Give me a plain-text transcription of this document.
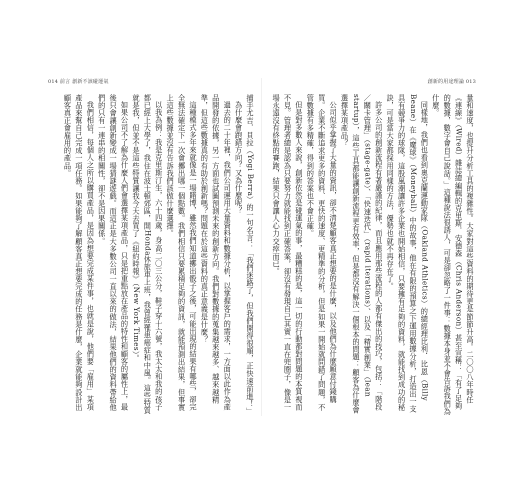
014 前言 創新不該碰運氣

捕手尤吉．貝拉（Yogi Berra）的一句名言：「我們迷路了，但我們開得很順，正快速前進！」

為什麼會跑錯方向？又為什麼呢？

過去的二十年裡，我們公司運用大量資料和數據分析，以掌握客戶的需求，一方面以此作為產品開發的依據，另一方面也試圖預測未來的創新方向。我們對數據的蒐集越來越多、越來越精準，但這些數據真的有助於創新嗎？問題在於這些資料的真正意義是什麼？

這種模式多年來就像是一場賭博，雖然我們知道擲出骰子之後，可能出現的結果有哪些，卻完全無法確定下一次會擲出哪一個點數。我們相信只要累積足夠的資訊，就能預測出結果，但事實上這些數據並沒有告訴我們該做什麼選擇。

以我為例：我是克里斯汀生，六十四歲，身高二〇三公分，鞋子穿十六號，我太太和我的孩子都已經上大學了，我住在波士頓郊區，開Honda休旅車上班，我曾經罹患癌症和中風。這些特質就是我，但並不是這些特質讓我今天去買了《紐約時報》（New York Times）。

如果公司不了解為什麼人們會選擇某項產品，只是把重點放在產品的特性和顧客的屬性上，最後只會讓創新變成一場猜謎遊戲。而這正是大多數公司一直以來的做法，結果他們的資料帶給他們的只有一連串的相關性，卻不是因果關係。

我們相信，每個人之所以購買產品，是因為想要完成某件事，也就是說，他們要「雇用」某項產品來幫自己完成一項任務。如果能夠了解顧客真正想要完成的任務是什麼，企業就能夠設計出顧客真正會雇用的產品。

創新的用途理論 013

量和速度，也提升分析工具的複雜性。大家對這些資料的期待更是節節升高。二〇〇八年時任《連線》（Wired）雜誌總編輯的克里斯．安德森（Chris Anderson）甚至宣稱：「有了足夠的數據，數字會自己說話。」這種說法很誘人，可是卻忽略了一件事：數據本身並不會告訴我們為什麼。

同樣地，我們也看到奧克蘭運動家隊（Oakland Athletics）的總經理比利．比恩（Billy Beane）在《魔球》（Moneyball）中的故事，他在有限的預算之下運用數據分析，打造出一支具有競爭力的球隊，這股風潮讓許多企業也開始相信，只要擁有足夠的資料，就能找到成功的秘訣，可是當大家都採用同樣的方法，優勢也就不再存在了。

許多公司的創新流程有著嚴謹的紀律，而且應用那些流程的人都有傑出的技巧，包括：「階段／關卡管理」（stage-gate）、「快速迭代」（rapid iterations）、以及「精實創業」（lean startup），這些工具都能讓創新流程更有效率，但是都沒有解決一個根本的問題：顧客為什麼會選擇某項產品？

公司似乎掌握了大量的資訊，卻不清楚顧客真正想要的是什麼，以及他們為什麼願意付錢購買。企業不斷追求更多的資料、更快的速度、更精準的分析，但是如果一開始就問錯了問題，不管數據有多精確，得到的答案也不會正確。

但是對多數人來說，創新依然是碰運氣的事，最糟糕的是，這一切的行動都對問題的本質視而不見。管理者總是認為只要努力就能找到正確答案，卻沒有發現自己其實一直在兜圈子，像是一場永遠沒有終點的賽跑，結果只會讓人心力交瘁而已。
